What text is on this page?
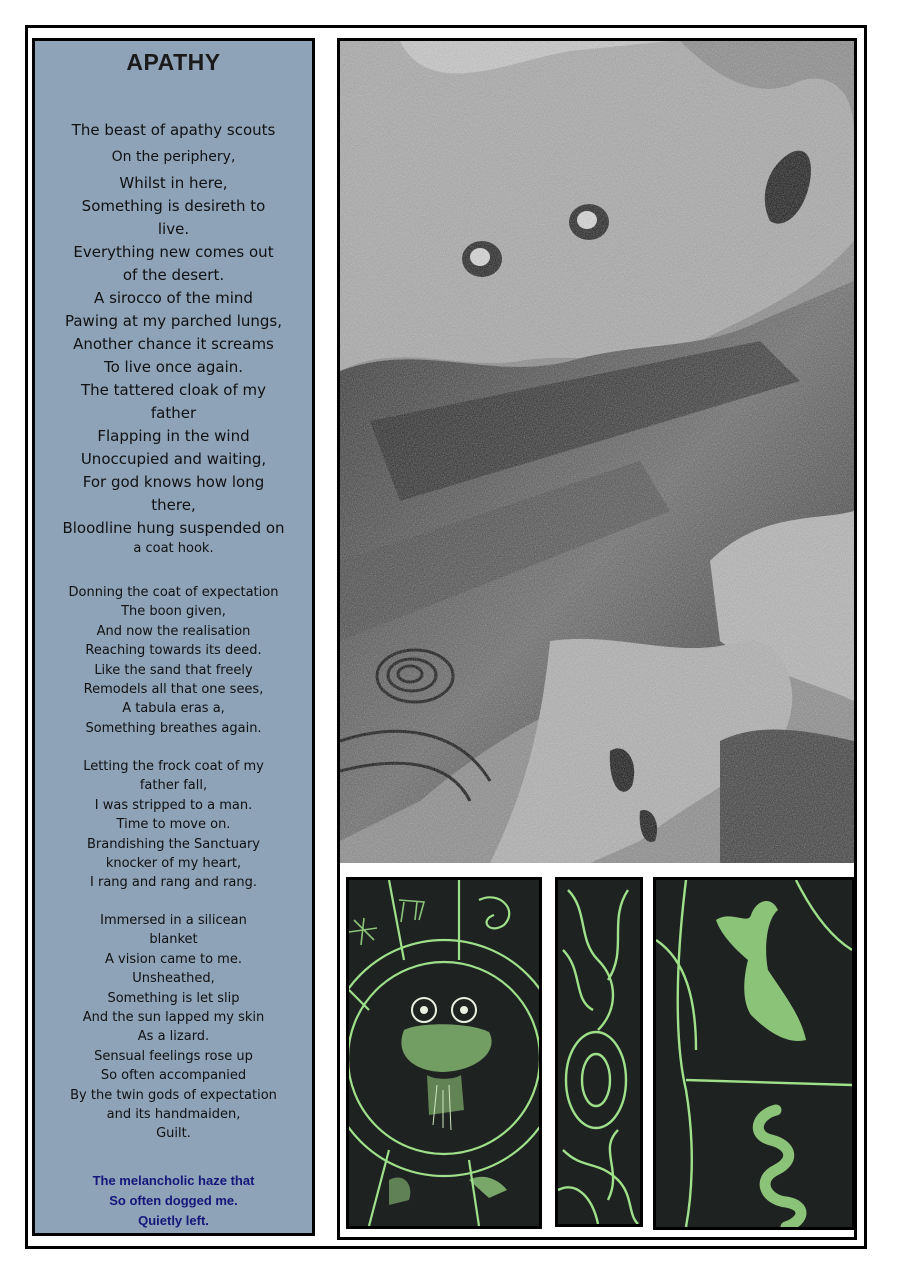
APATHY
The beast of apathy scouts
On the periphery,
Whilst in here,
Something is desireth to
live.
Everything new comes out
of the desert.
A sirocco of the mind
Pawing at my parched lungs,
Another chance it screams
To live once again.
The tattered cloak of my
father
Flapping in the wind
Unoccupied and waiting,
For god knows how long
there,
Bloodline hung suspended on
a coat hook.
Donning the coat of expectation
The boon given,
And now the realisation
Reaching towards its deed.
Like the sand that freely
Remodels all that one sees,
A tabula eras a,
Something breathes again.
Letting the frock coat of my
father fall,
I was stripped to a man.
Time to move on.
Brandishing the Sanctuary
knocker of my heart,
I rang and rang and rang.
Immersed in a silicean
blanket
A vision came to me.
Unsheathed,
Something is let slip
And the sun lapped my skin
As a lizard.
Sensual feelings rose up
So often accompanied
By the twin gods of expectation
and its handmaiden,
Guilt.
The melancholic haze that
So often dogged me.
Quietly left.
